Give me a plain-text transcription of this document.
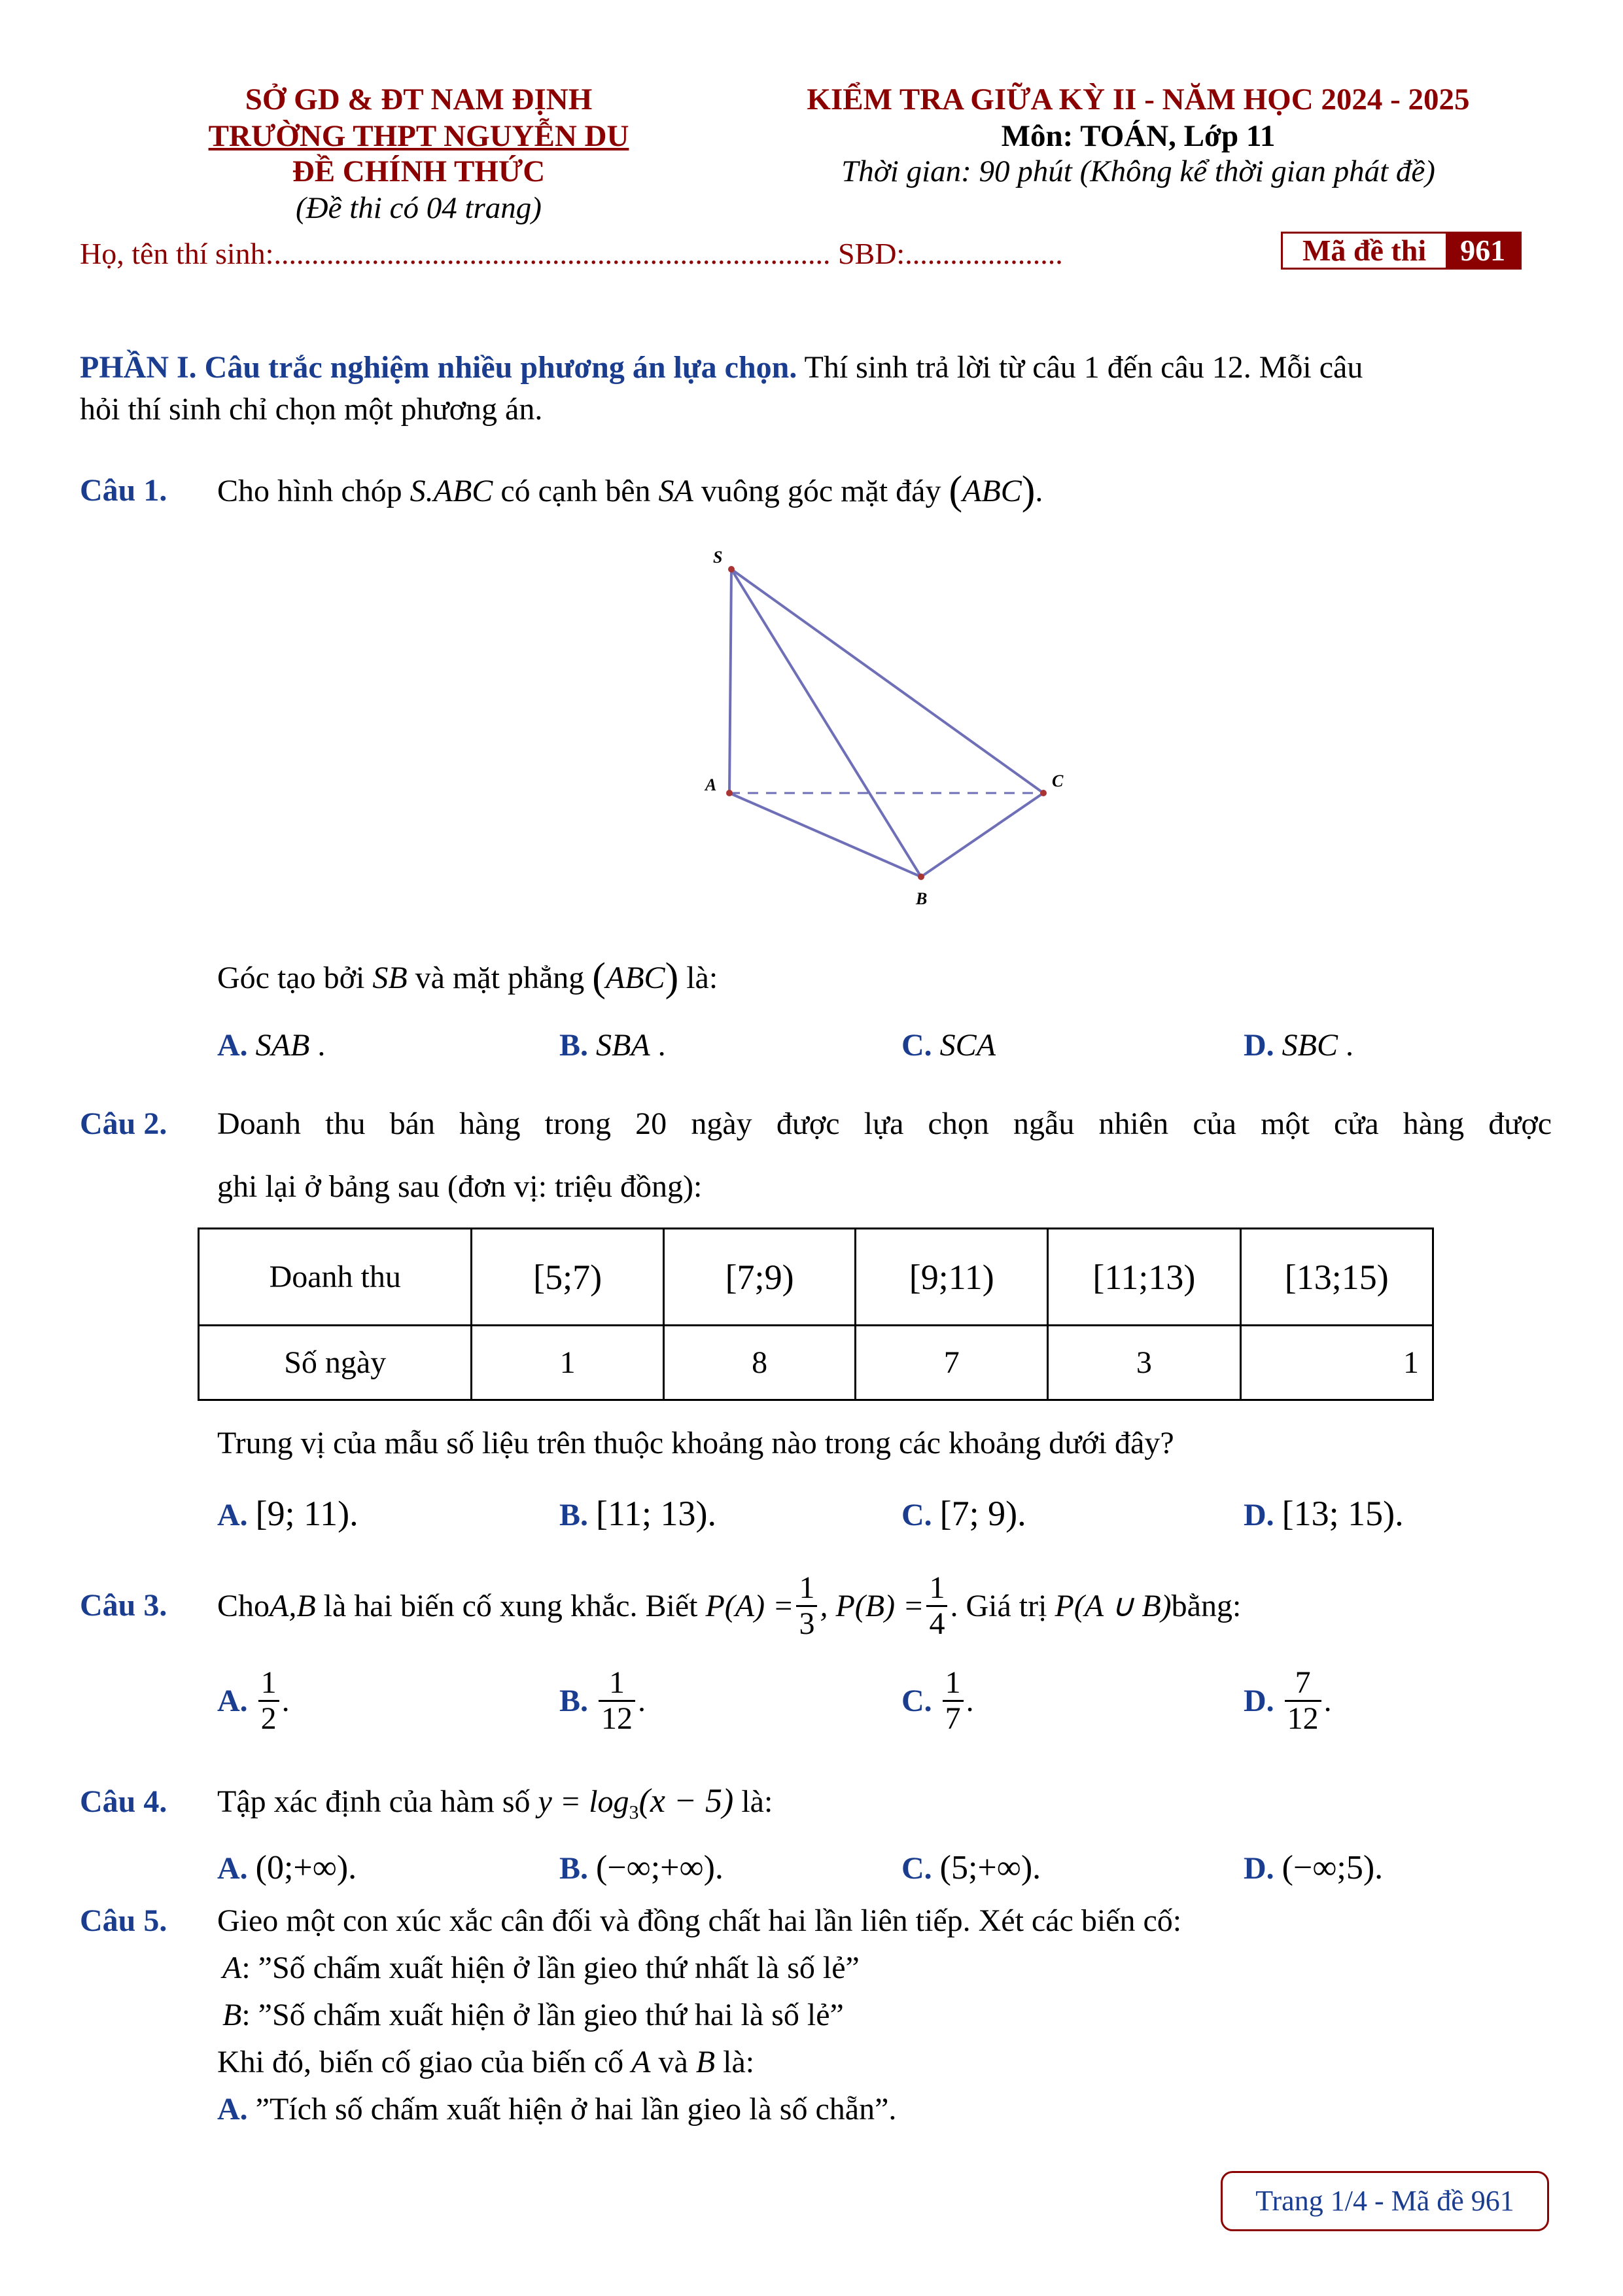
SỞ GD & ĐT NAM ĐỊNH
TRƯỜNG THPT NGUYỄN DU
ĐỀ CHÍNH THỨC
(Đề thi có 04 trang)
KIỂM TRA GIỮA KỲ II - NĂM HỌC 2024 - 2025
Môn: TOÁN, Lớp 11
Thời gian: 90 phút (Không kể thời gian phát đề)
Họ, tên thí sinh:.......................................................................... SBD:.....................	Mã đề thi	961
PHẦN I. Câu trắc nghiệm nhiều phương án lựa chọn. Thí sinh trả lời từ câu 1 đến câu 12. Mỗi câu
hỏi thí sinh chỉ chọn một phương án.
Câu 1. Cho hình chóp S.ABC có cạnh bên SA vuông góc mặt đáy (ABC).
S
A	C
B
Góc tạo bởi SB và mặt phẳng (ABC) là:
A. SAB .	B. SBA .	C. SCA	D. SBC .
Câu 2. Doanh thu bán hàng trong 20 ngày được lựa chọn ngẫu nhiên của một cửa hàng được
ghi lại ở bảng sau (đơn vị: triệu đồng):
Doanh thu	[5;7)	[7;9)	[9;11)	[11;13)	[13;15)
Số ngày	1	8	7	3	1
Trung vị của mẫu số liệu trên thuộc khoảng nào trong các khoảng dưới đây?
A. [9; 11).	B. [11; 13).	C. [7; 9).	D. [13; 15).
Câu 3. Cho A,B là hai biến cố xung khắc. Biết $P(A) = \frac{1}{3}$ , $P(B) = \frac{1}{4}$ . Giá trị P(A ∪ B) bằng:
A.
$\frac{1}{2}$ .	B.
$\frac{1}{12}$ .	C.
$\frac{1}{7}$ .	D.
$\frac{7}{12}$ .
Câu 4. Tập xác định của hàm số $y = \log_3(x - 5)$ là:
A. (0;+∞).	B. (−∞;+∞).	C. (5;+∞).	D. (−∞;5).
Câu 5. Gieo một con xúc xắc cân đối và đồng chất hai lần liên tiếp. Xét các biến cố:
A: ”Số chấm xuất hiện ở lần gieo thứ nhất là số lẻ”
B: ”Số chấm xuất hiện ở lần gieo thứ hai là số lẻ”
Khi đó, biến cố giao của biến cố A và B là:
A. ”Tích số chấm xuất hiện ở hai lần gieo là số chẵn”.
Trang 1/4 - Mã đề 961
